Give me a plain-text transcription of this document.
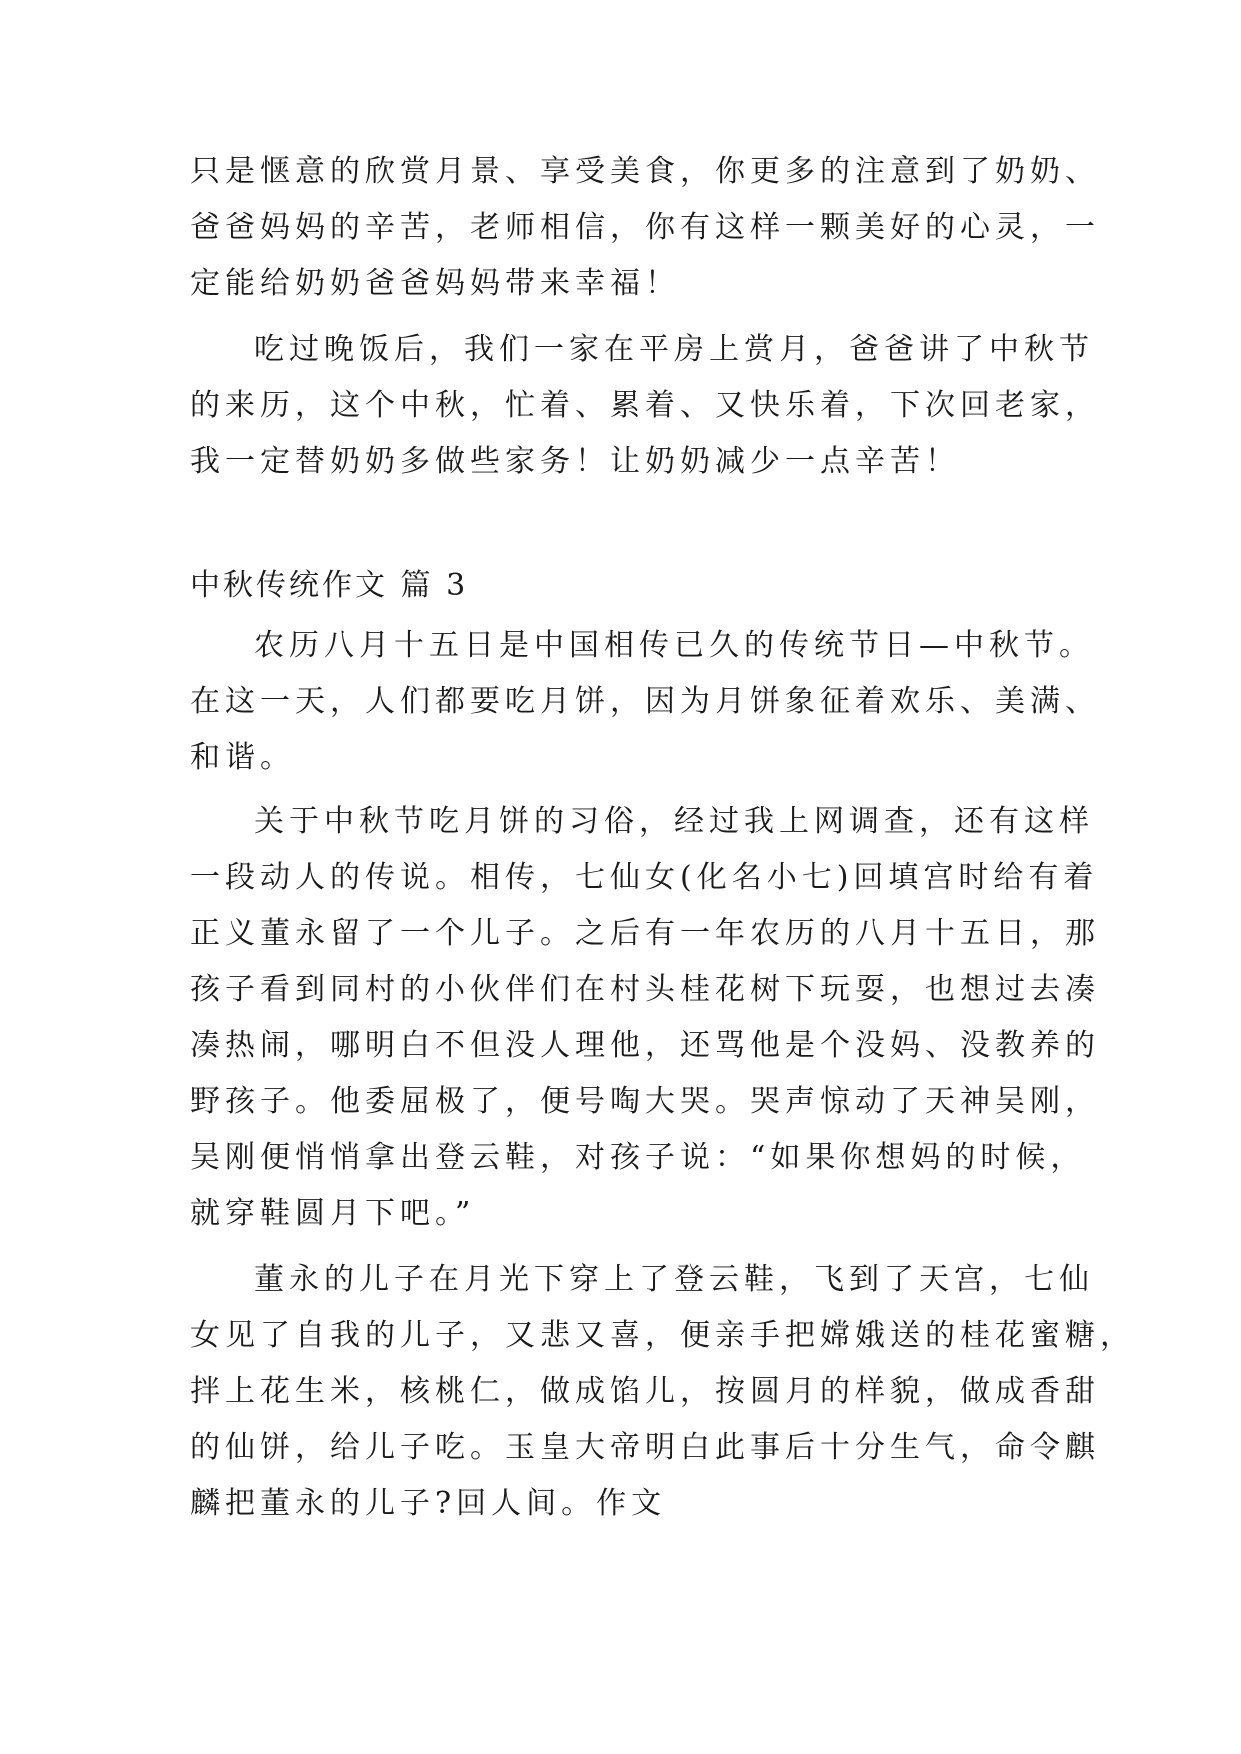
只是惬意的欣赏月景、享受美食，你更多的注意到了奶奶、
爸爸妈妈的辛苦，老师相信，你有这样一颗美好的心灵，一
定能给奶奶爸爸妈妈带来幸福！
吃过晚饭后，我们一家在平房上赏月，爸爸讲了中秋节
的来历，这个中秋，忙着、累着、又快乐着，下次回老家，
我一定替奶奶多做些家务！让奶奶减少一点辛苦！
中秋传统作文 篇 3
农历八月十五日是中国相传已久的传统节日—中秋节。
在这一天，人们都要吃月饼，因为月饼象征着欢乐、美满、
和谐。
关于中秋节吃月饼的习俗，经过我上网调查，还有这样
一段动人的传说。相传，七仙女(化名小七)回填宫时给有着
正义董永留了一个儿子。之后有一年农历的八月十五日，那
孩子看到同村的小伙伴们在村头桂花树下玩耍，也想过去凑
凑热闹，哪明白不但没人理他，还骂他是个没妈、没教养的
野孩子。他委屈极了，便号啕大哭。哭声惊动了天神吴刚，
吴刚便悄悄拿出登云鞋，对孩子说：“如果你想妈的时候，
就穿鞋圆月下吧。”
董永的儿子在月光下穿上了登云鞋，飞到了天宫，七仙
女见了自我的儿子，又悲又喜，便亲手把嫦娥送的桂花蜜糖，
拌上花生米，核桃仁，做成馅儿，按圆月的样貌，做成香甜
的仙饼，给儿子吃。玉皇大帝明白此事后十分生气，命令麒
麟把董永的儿子?回人间。作文
